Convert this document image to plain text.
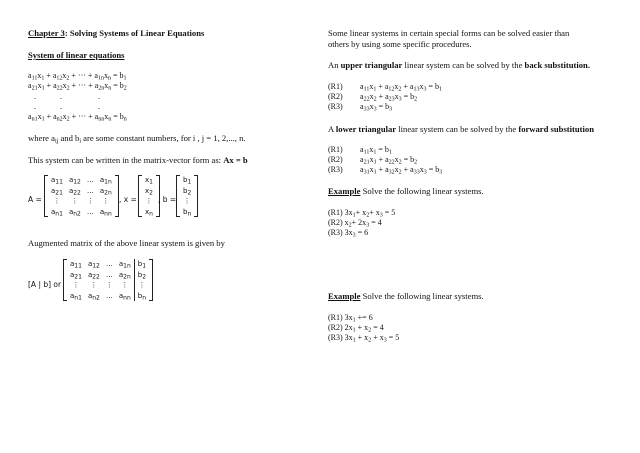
Chapter 3: Solving Systems of Linear Equations
System of linear equations
$a_{11}x_1 + a_{12}x_2$ + ··· + $a_{1n}x_n = b_1$
$a_{21}x_1 + a_{22}x_2$ + ··· + $a_{2n}x_n = b_2$
.            .                  .
.            .                  .
$a_{n1}x_1 + a_{n2}x_2$ + ··· + $a_{nn}x_n = b_n$
where $a_{ij}$ and $b_i$ are some constant numbers, for i , j = 1, 2,..., n.
This system can be written in the matrix-vector form as: Ax = b
A =
$a_{11}$	$a_{12}$	...	$a_{1n}$
$a_{21}$	$a_{22}$	...	$a_{2n}$
⋮	⋮	⋮	⋮
$a_{n1}$	$a_{n2}$	...	$a_{nn}$
, x =
$x_1$
$x_2$
⋮
$x_n$
, b =
$b_1$
$b_2$
⋮
$b_n$
Augmented matrix of the above linear system is given by
[A | b] or
$a_{11}$	$a_{12}$	...	$a_{1n}$	$b_1$
$a_{21}$	$a_{22}$	...	$a_{2n}$	$b_2$
⋮	⋮	⋮	⋮	⋮
$a_{n1}$	$a_{n2}$	...	$a_{nn}$	$b_n$
Some linear systems in certain special forms can be solved easier than
others by using some specific procedures.
An upper triangular linear system can be solved by the back substitution.
(R1) $a_{11}x_1 + a_{12}x_2 + a_{13}x_3 = b_1$
(R2) $a_{22}x_2 + a_{23}x_3 = b_2$
(R3) $a_{33}x_3 = b_3$
A lower triangular linear system can be solved by the forward substitution
(R1) $a_{11}x_1 = b_1$
(R2) $a_{21}x_1 + a_{22}x_2 = b_2$
(R3) $a_{31}x_1 + a_{32}x_2 + a_{33}x_3 = b_3$
Example Solve the following linear systems.
(R1) $3x_1+ x_2+ x_3 = 5$
(R2) $x_2+ 2x_3 = 4$
(R3) $3x_3 = 6$
Example Solve the following linear systems.
(R1) $3x_1 += 6$
(R2) $2x_1 + x_2 = 4$
(R3) $3x_1 + x_2 + x_3 = 5$
